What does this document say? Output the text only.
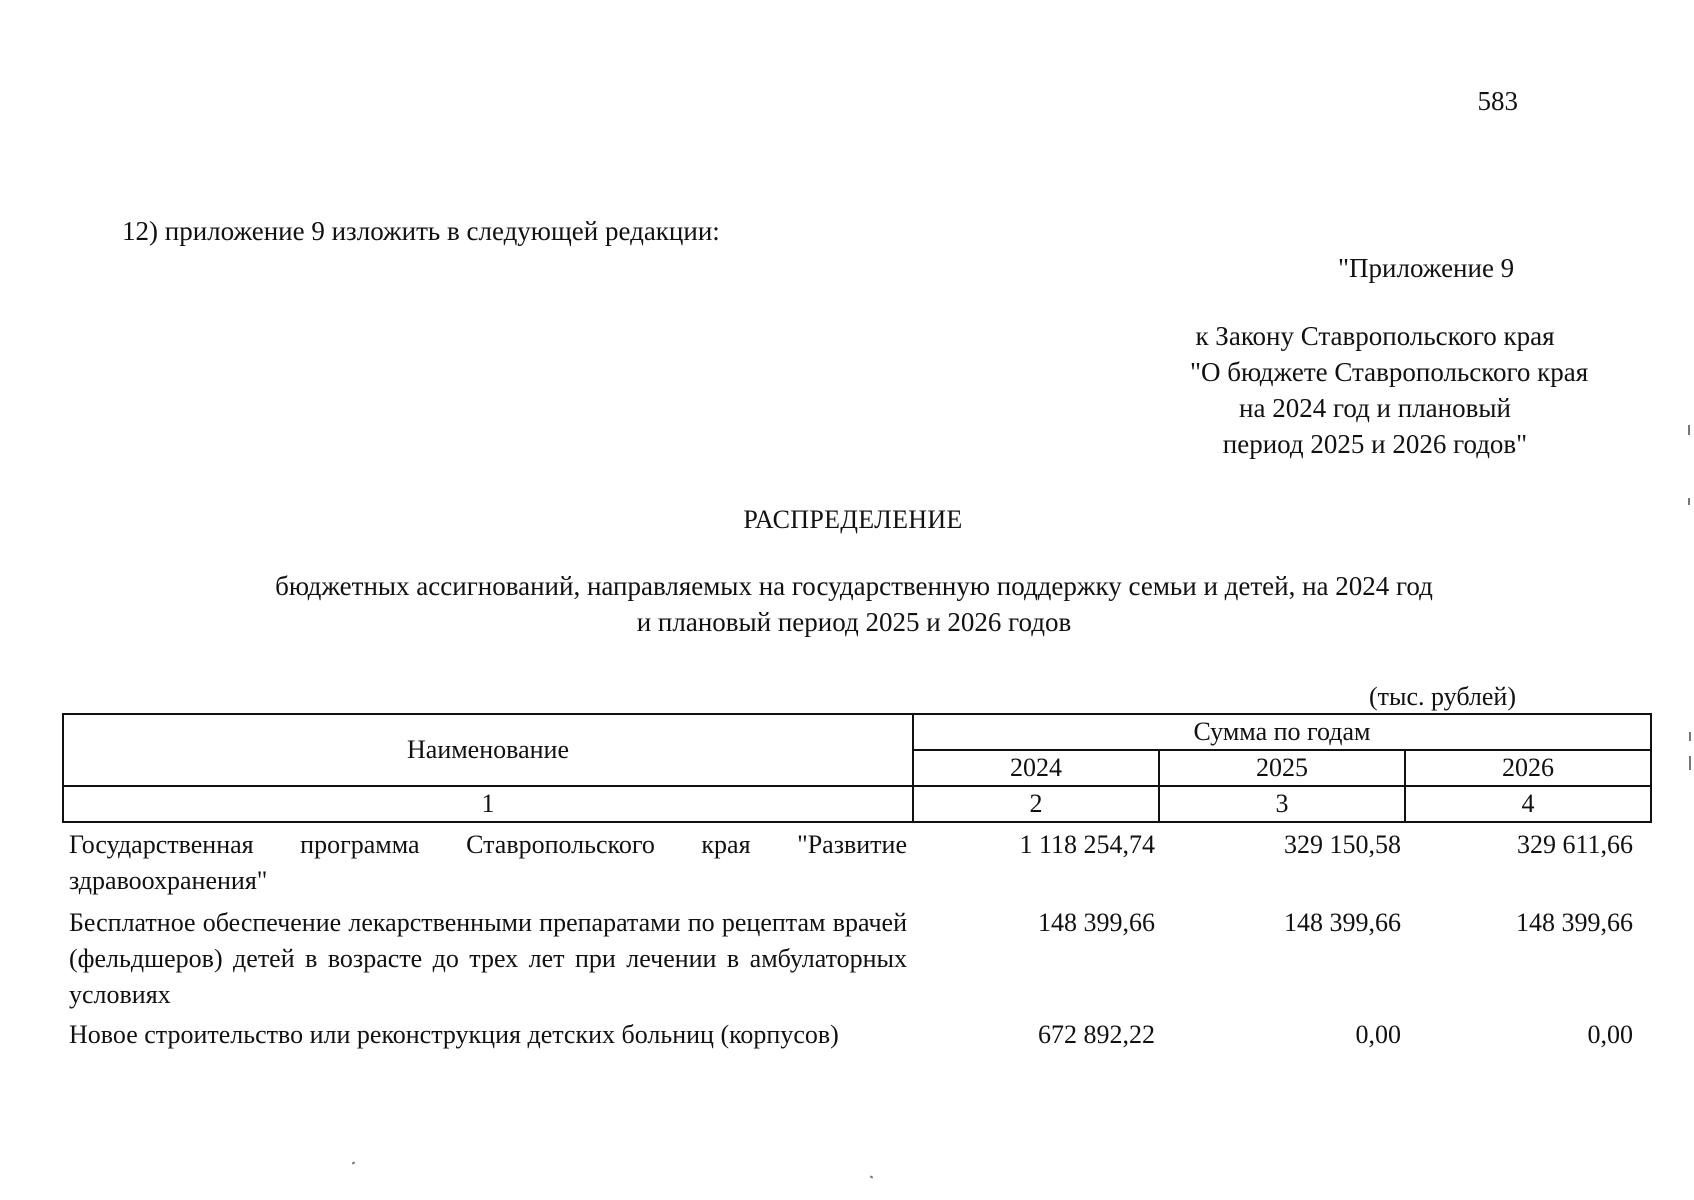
583
12) приложение 9 изложить в следующей редакции:
"Приложение 9
к Закону Ставропольского края
"О бюджете Ставропольского края
на 2024 год и плановый
период 2025 и 2026 годов"
РАСПРЕДЕЛЕНИЕ
бюджетных ассигнований, направляемых на государственную поддержку семьи и детей, на 2024 год
и плановый период 2025 и 2026 годов
(тыс. рублей)
Наименование	Сумма по годам		
	2024	2025	2026
1	2	3	4
Государственная программа Ставропольского края "Развитие здравоохранения"	1 118 254,74	329 150,58	329 611,66
Бесплатное обеспечение лекарственными препаратами по рецептам врачей (фельдшеров) детей в возрасте до трех лет при лечении в амбулаторных условиях	148 399,66	148 399,66	148 399,66
Новое строительство или реконструкция детских больниц (корпусов)	672 892,22	0,00	0,00
